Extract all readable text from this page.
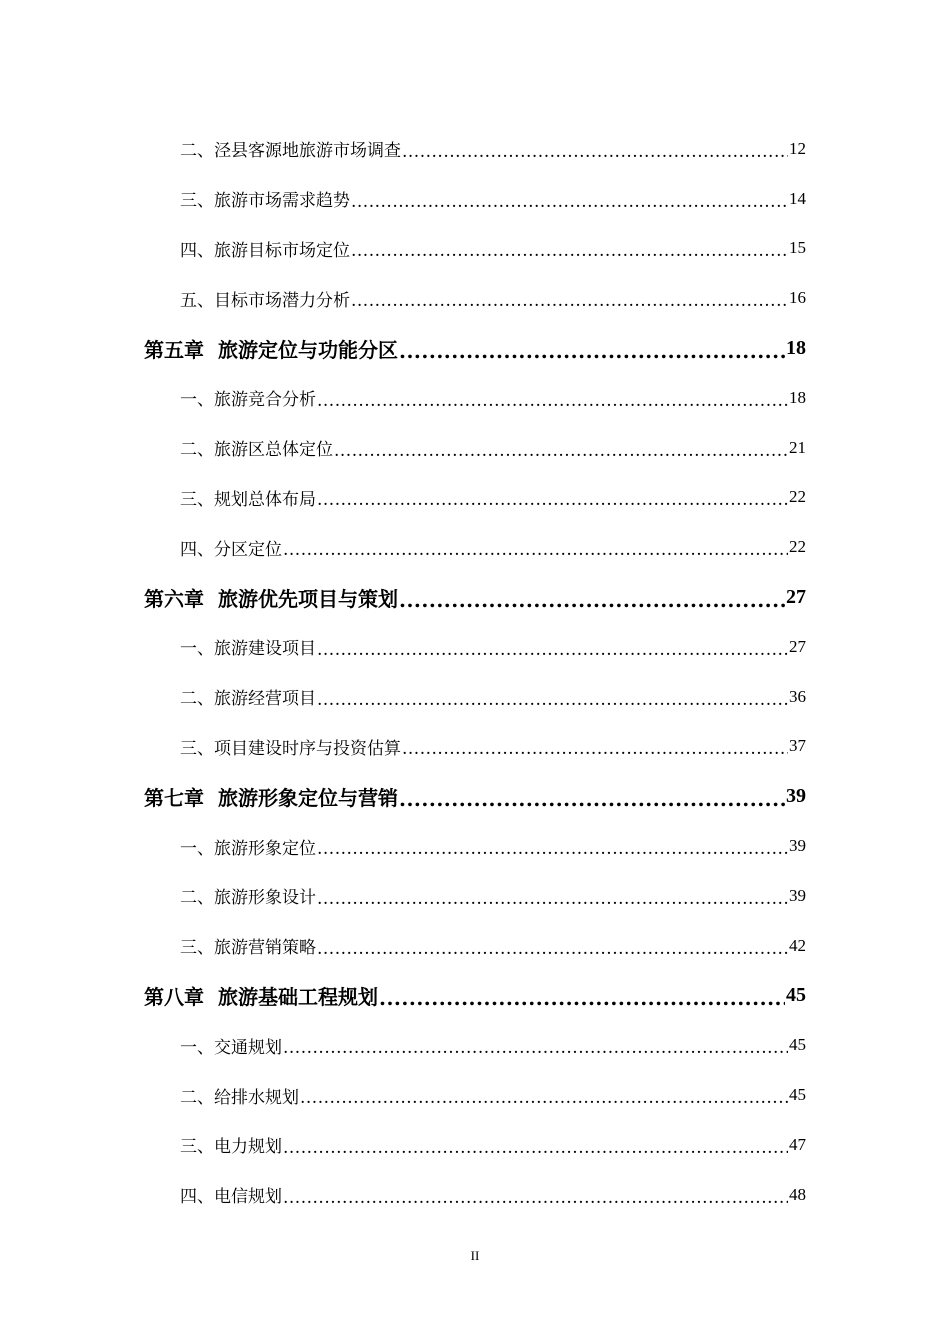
二、泾县客源地旅游市场调查 .....	12
三、旅游市场需求趋势 .....	14
四、旅游目标市场定位 .....	15
五、目标市场潜力分析 .....	16
第五章 旅游定位与功能分区 .....	18
一、旅游竞合分析 .....	18
二、旅游区总体定位 .....	21
三、规划总体布局 .....	22
四、分区定位 .....	22
第六章 旅游优先项目与策划 .....	27
一、旅游建设项目 .....	27
二、旅游经营项目 .....	36
三、项目建设时序与投资估算 .....	37
第七章 旅游形象定位与营销 .....	39
一、旅游形象定位 .....	39
二、旅游形象设计 .....	39
三、旅游营销策略 .....	42
第八章 旅游基础工程规划 .....	45
一、交通规划 .....	45
二、给排水规划 .....	45
三、电力规划 .....	47
四、电信规划 .....	48
II
